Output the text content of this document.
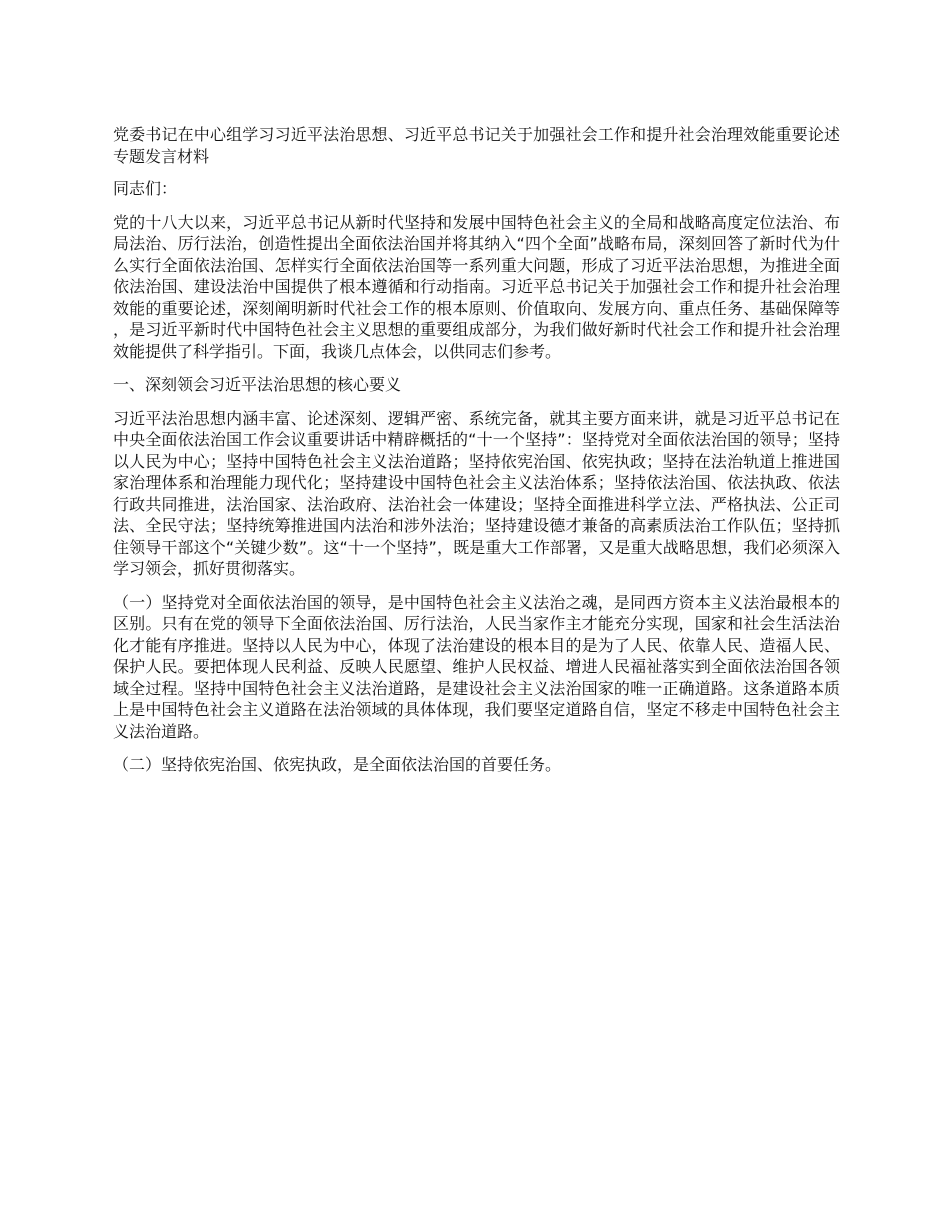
党委书记在中心组学习习近平法治思想、习近平总书记关于加强社会工作和提升社会治理效能重要论述专题发言材料

同志们：

党的十八大以来，习近平总书记从新时代坚持和发展中国特色社会主义的全局和战略高度定位法治、布局法治、厉行法治，创造性提出全面依法治国并将其纳入“四个全面”战略布局，深刻回答了新时代为什么实行全面依法治国、怎样实行全面依法治国等一系列重大问题，形成了习近平法治思想，为推进全面依法治国、建设法治中国提供了根本遵循和行动指南。习近平总书记关于加强社会工作和提升社会治理效能的重要论述，深刻阐明新时代社会工作的根本原则、价值取向、发展方向、重点任务、基础保障等，是习近平新时代中国特色社会主义思想的重要组成部分，为我们做好新时代社会工作和提升社会治理效能提供了科学指引。下面，我谈几点体会，以供同志们参考。

一、深刻领会习近平法治思想的核心要义

习近平法治思想内涵丰富、论述深刻、逻辑严密、系统完备，就其主要方面来讲，就是习近平总书记在中央全面依法治国工作会议重要讲话中精辟概括的“十一个坚持”：坚持党对全面依法治国的领导；坚持以人民为中心；坚持中国特色社会主义法治道路；坚持依宪治国、依宪执政；坚持在法治轨道上推进国家治理体系和治理能力现代化；坚持建设中国特色社会主义法治体系；坚持依法治国、依法执政、依法行政共同推进，法治国家、法治政府、法治社会一体建设；坚持全面推进科学立法、严格执法、公正司法、全民守法；坚持统筹推进国内法治和涉外法治；坚持建设德才兼备的高素质法治工作队伍；坚持抓住领导干部这个“关键少数”。这“十一个坚持”，既是重大工作部署，又是重大战略思想，我们必须深入学习领会，抓好贯彻落实。

（一）坚持党对全面依法治国的领导，是中国特色社会主义法治之魂，是同西方资本主义法治最根本的区别。只有在党的领导下全面依法治国、厉行法治，人民当家作主才能充分实现，国家和社会生活法治化才能有序推进。坚持以人民为中心，体现了法治建设的根本目的是为了人民、依靠人民、造福人民、保护人民。要把体现人民利益、反映人民愿望、维护人民权益、增进人民福祉落实到全面依法治国各领域全过程。坚持中国特色社会主义法治道路，是建设社会主义法治国家的唯一正确道路。这条道路本质上是中国特色社会主义道路在法治领域的具体体现，我们要坚定道路自信，坚定不移走中国特色社会主义法治道路。

（二）坚持依宪治国、依宪执政，是全面依法治国的首要任务。
